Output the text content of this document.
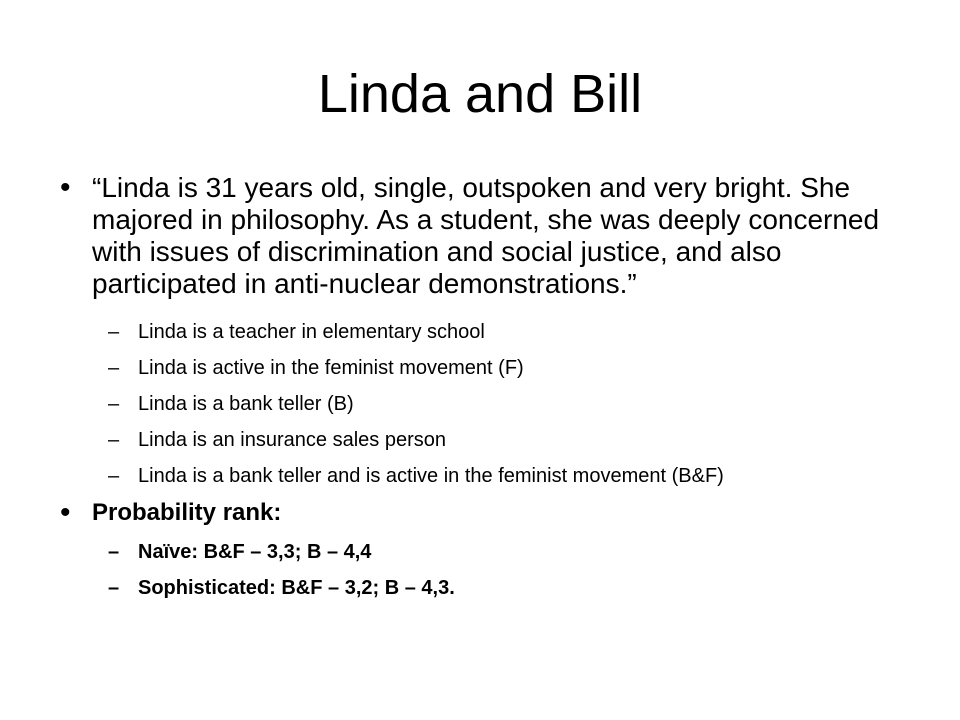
Linda and Bill
• “Linda is 31 years old, single, outspoken and very bright. She majored in philosophy. As a student, she was deeply concerned with issues of discrimination and social justice, and also participated in anti-nuclear demonstrations.”
– Linda is a teacher in elementary school
– Linda is active in the feminist movement (F)
– Linda is a bank teller (B)
– Linda is an insurance sales person
– Linda is a bank teller and is active in the feminist movement (B&F)
• Probability rank:
– Naïve: B&F – 3,3; B – 4,4
– Sophisticated: B&F – 3,2; B – 4,3.
